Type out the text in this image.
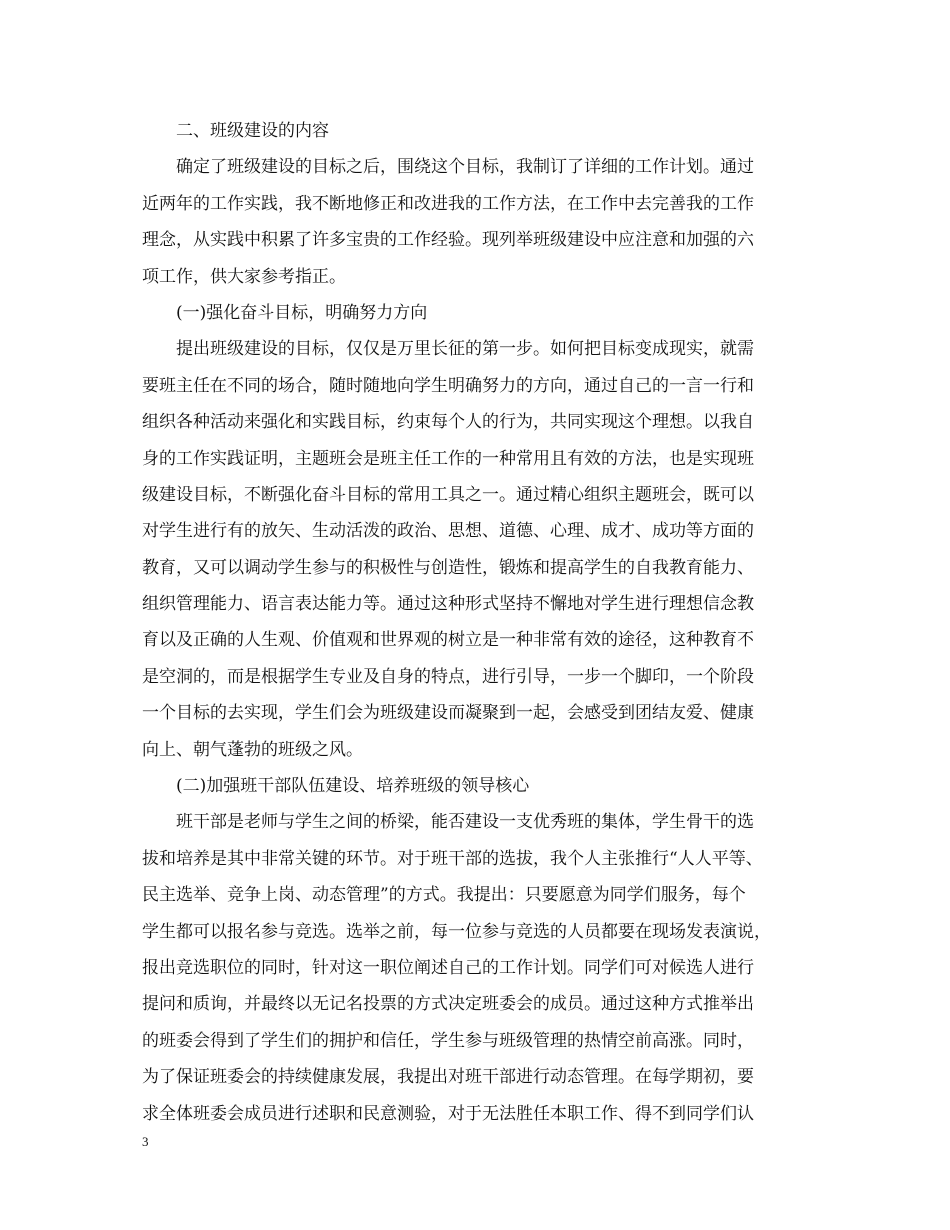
二、班级建设的内容
确定了班级建设的目标之后，围绕这个目标，我制订了详细的工作计划。通过
近两年的工作实践，我不断地修正和改进我的工作方法，在工作中去完善我的工作
理念，从实践中积累了许多宝贵的工作经验。现列举班级建设中应注意和加强的六
项工作，供大家参考指正。
(一)强化奋斗目标，明确努力方向
提出班级建设的目标，仅仅是万里长征的第一步。如何把目标变成现实，就需
要班主任在不同的场合，随时随地向学生明确努力的方向，通过自己的一言一行和
组织各种活动来强化和实践目标，约束每个人的行为，共同实现这个理想。以我自
身的工作实践证明，主题班会是班主任工作的一种常用且有效的方法，也是实现班
级建设目标，不断强化奋斗目标的常用工具之一。通过精心组织主题班会，既可以
对学生进行有的放矢、生动活泼的政治、思想、道德、心理、成才、成功等方面的
教育，又可以调动学生参与的积极性与创造性，锻炼和提高学生的自我教育能力、
组织管理能力、语言表达能力等。通过这种形式坚持不懈地对学生进行理想信念教
育以及正确的人生观、价值观和世界观的树立是一种非常有效的途径，这种教育不
是空洞的，而是根据学生专业及自身的特点，进行引导，一步一个脚印，一个阶段
一个目标的去实现，学生们会为班级建设而凝聚到一起，会感受到团结友爱、健康
向上、朝气蓬勃的班级之风。
(二)加强班干部队伍建设、培养班级的领导核心
班干部是老师与学生之间的桥梁，能否建设一支优秀班的集体，学生骨干的选
拔和培养是其中非常关键的环节。对于班干部的选拔，我个人主张推行“人人平等、
民主选举、竞争上岗、动态管理”的方式。我提出：只要愿意为同学们服务，每个
学生都可以报名参与竞选。选举之前，每一位参与竞选的人员都要在现场发表演说，
报出竞选职位的同时，针对这一职位阐述自己的工作计划。同学们可对候选人进行
提问和质询，并最终以无记名投票的方式决定班委会的成员。通过这种方式推举出
的班委会得到了学生们的拥护和信任，学生参与班级管理的热情空前高涨。同时，
为了保证班委会的持续健康发展，我提出对班干部进行动态管理。在每学期初，要
求全体班委会成员进行述职和民意测验，对于无法胜任本职工作、得不到同学们认
3
